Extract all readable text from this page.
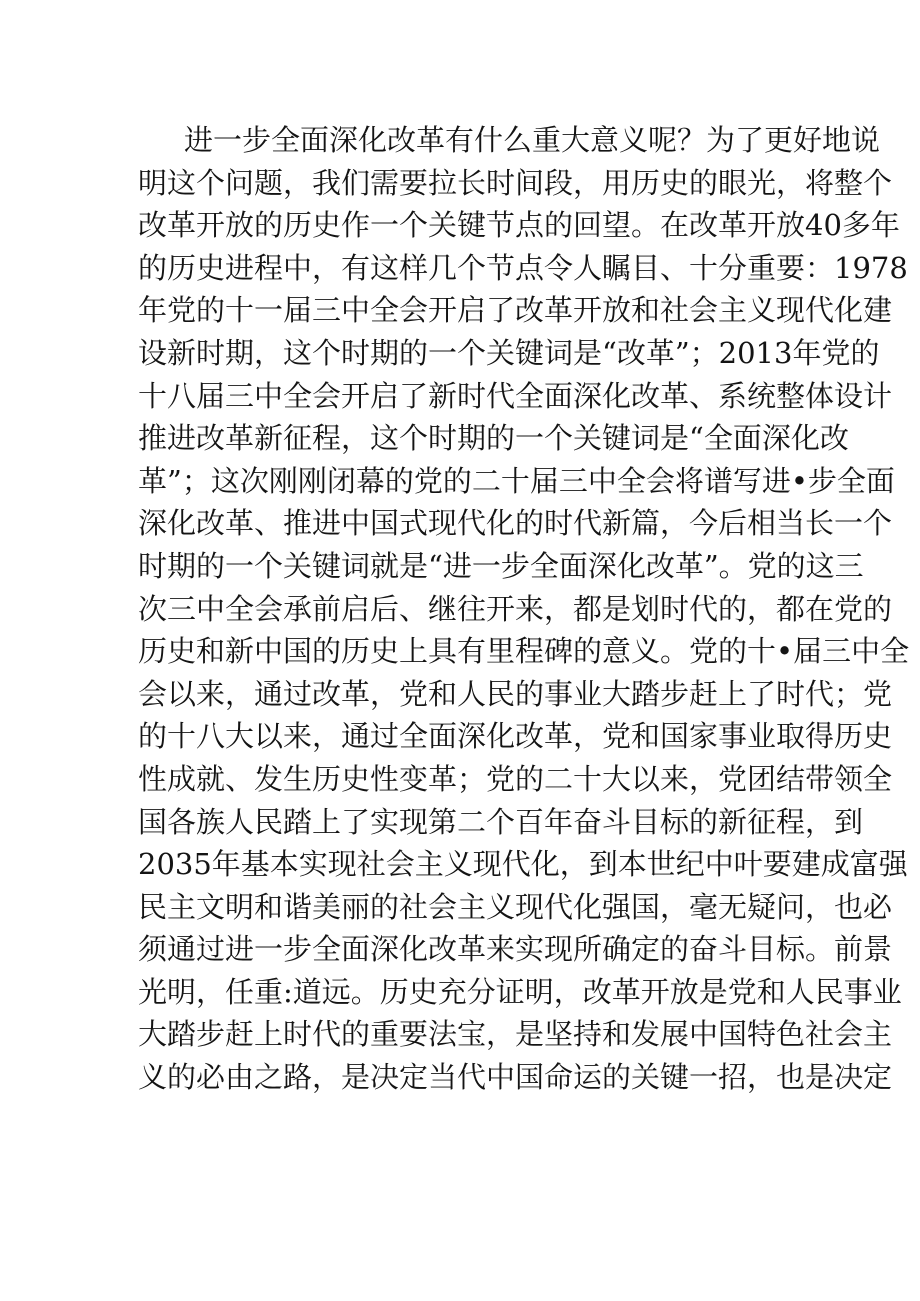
进一步全面深化改革有什么重大意义呢？为了更好地说
明这个问题，我们需要拉长时间段，用历史的眼光，将整个
改革开放的历史作一个关键节点的回望。在改革开放40多年
的历史进程中，有这样几个节点令人瞩目、十分重要：1978
年党的十一届三中全会开启了改革开放和社会主义现代化建
设新时期，这个时期的一个关键词是“改革”；2013年党的
十八届三中全会开启了新时代全面深化改革、系统整体设计
推进改革新征程，这个时期的一个关键词是“全面深化改
革”；这次刚刚闭幕的党的二十届三中全会将谱写进•步全面
深化改革、推进中国式现代化的时代新篇，今后相当长一个
时期的一个关键词就是“进一步全面深化改革”。党的这三
次三中全会承前启后、继往开来，都是划时代的，都在党的
历史和新中国的历史上具有里程碑的意义。党的十•届三中全
会以来，通过改革，党和人民的事业大踏步赶上了时代；党
的十八大以来，通过全面深化改革，党和国家事业取得历史
性成就、发生历史性变革；党的二十大以来，党团结带领全
国各族人民踏上了实现第二个百年奋斗目标的新征程，到
2035年基本实现社会主义现代化，到本世纪中叶要建成富强
民主文明和谐美丽的社会主义现代化强国，毫无疑问，也必
须通过进一步全面深化改革来实现所确定的奋斗目标。前景
光明，任重:道远。历史充分证明，改革开放是党和人民事业
大踏步赶上时代的重要法宝，是坚持和发展中国特色社会主
义的必由之路，是决定当代中国命运的关键一招，也是决定
